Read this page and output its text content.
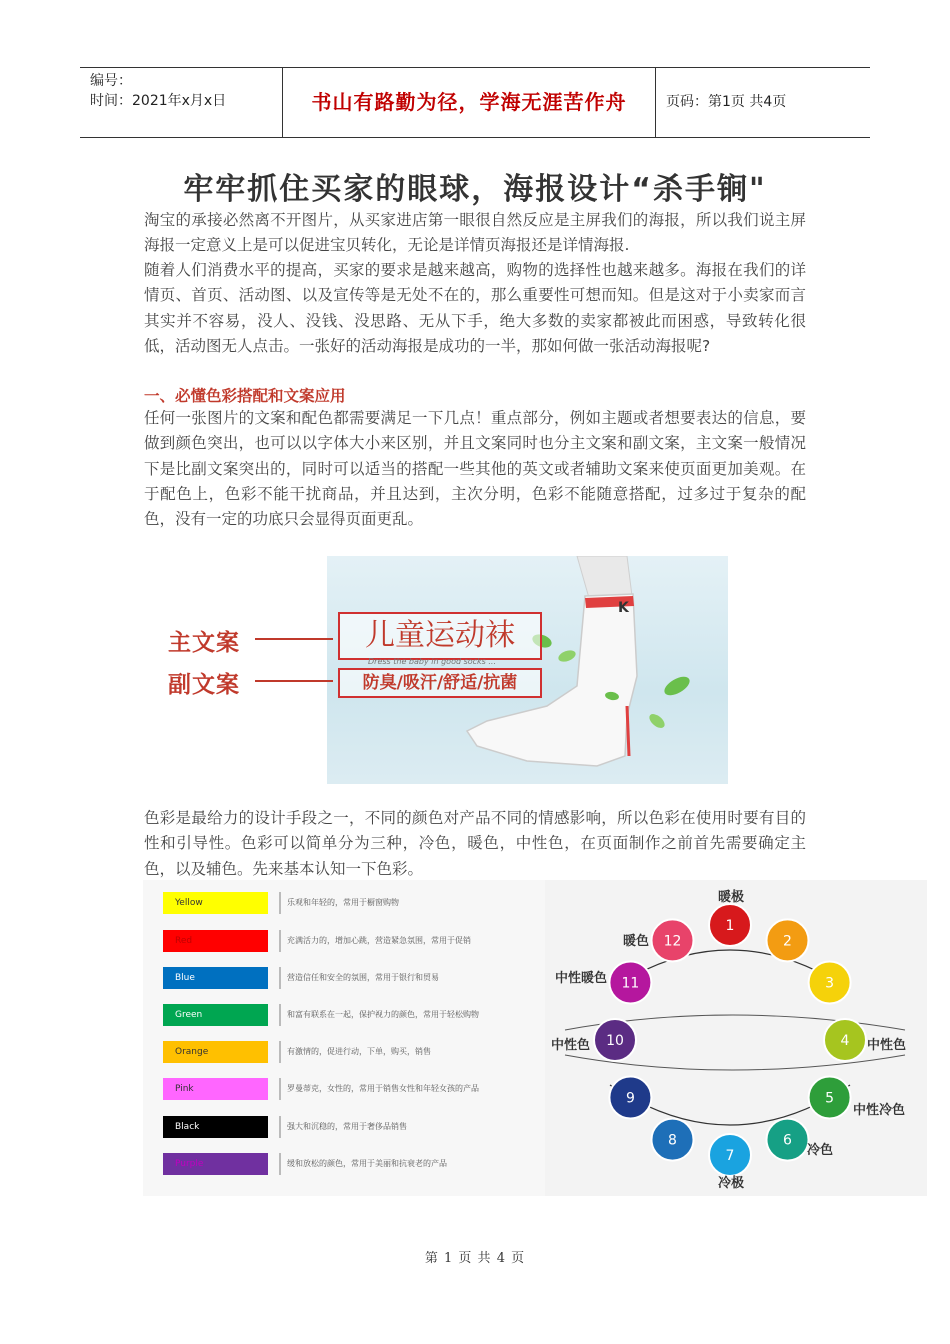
编号：
时间：2021年x月x日	书山有路勤为径，学海无涯苦作舟	页码：第1页 共4页
牢牢抓住买家的眼球，海报设计“杀手锏"

淘宝的承接必然离不开图片，从买家进店第一眼很自然反应是主屏我们的海报，所以我们说主屏海报一定意义上是可以促进宝贝转化，无论是详情页海报还是详情海报.

随着人们消费水平的提高，买家的要求是越来越高，购物的选择性也越来越多。海报在我们的详情页、首页、活动图、以及宣传等是无处不在的，那么重要性可想而知。但是这对于小卖家而言其实并不容易，没人、没钱、没思路、无从下手，绝大多数的卖家都被此而困惑，导致转化很低，活动图无人点击。一张好的活动海报是成功的一半，那如何做一张活动海报呢?

一、必懂色彩搭配和文案应用

任何一张图片的文案和配色都需要满足一下几点！重点部分，例如主题或者想要表达的信息，要做到颜色突出，也可以以字体大小来区别，并且文案同时也分主文案和副文案，主文案一般情况下是比副文案突出的，同时可以适当的搭配一些其他的英文或者辅助文案来使页面更加美观。在于配色上，色彩不能干扰商品，并且达到，主次分明，色彩不能随意搭配，过多过于复杂的配色，没有一定的功底只会显得页面更乱。

K
主文案
副文案
儿童运动袜
Dress the baby in good socks ...
防臭/吸汗/舒适/抗菌

色彩是最给力的设计手段之一，不同的颜色对产品不同的情感影响，所以色彩在使用时要有目的性和引导性。色彩可以简单分为三种，冷色，暖色，中性色，在页面制作之前首先需要确定主色，以及辅色。先来基本认知一下色彩。

Yellow	乐观和年轻的，常用于橱窗购物
Red	充满活力的，增加心跳，营造紧急氛围，常用于促销
Blue	营造信任和安全的氛围，常用于银行和贸易
Green	和富有联系在一起，保护视力的颜色，常用于轻松购物
Orange	有激情的，促进行动，下单，购买，销售
Pink	罗曼蒂克，女性的，常用于销售女性和年轻女孩的产品
Black	强大和沉稳的，常用于奢侈品销售
Purple	缓和放松的颜色，常用于美丽和抗衰老的产品
1
2
3
4
5
6
7
8
9
10
11
12
暖极
暖色
中性暖色
中性色	中性色
中性冷色
冷色
冷极
第 1 页 共 4 页
